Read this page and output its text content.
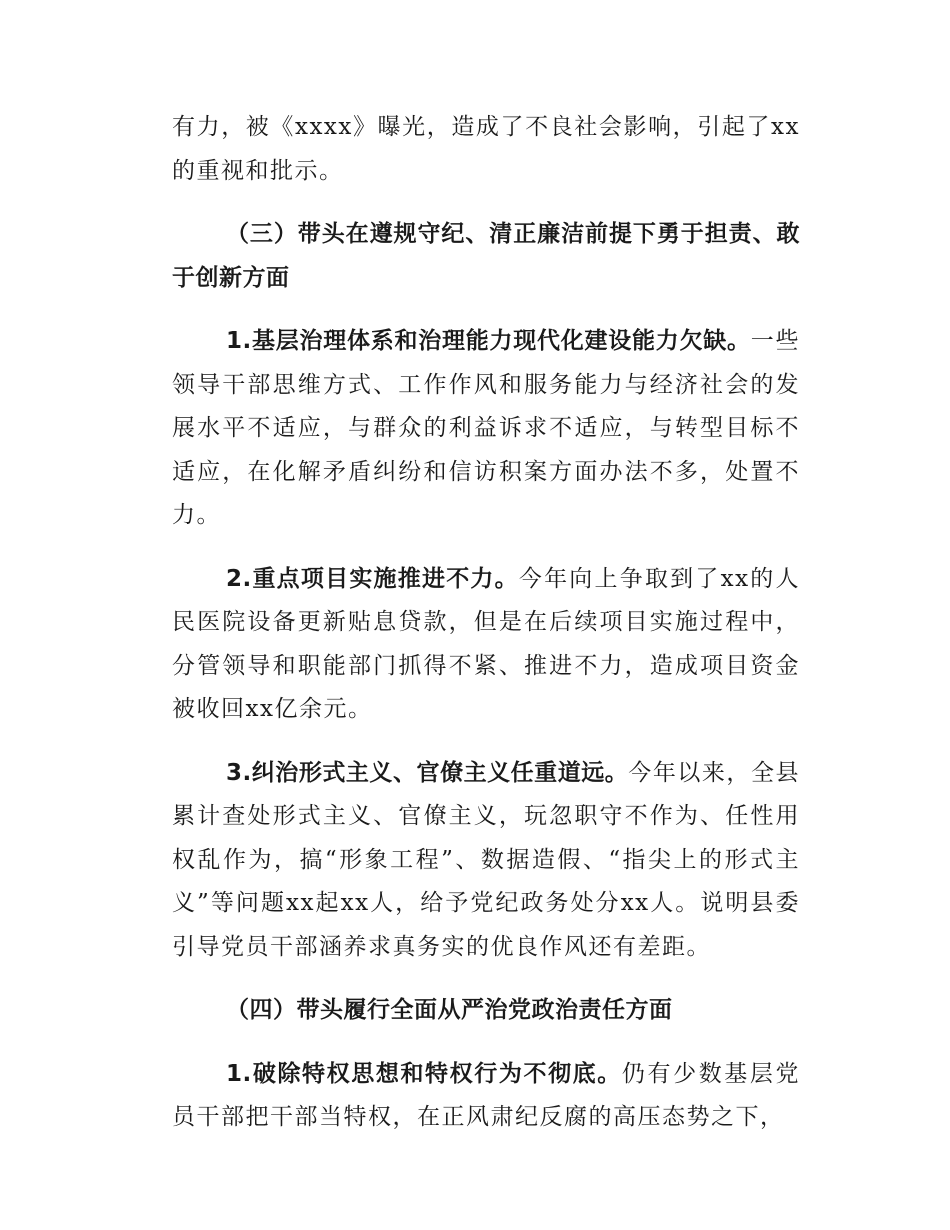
有力，被《xxxx》曝光，造成了不良社会影响，引起了xx的重视和批示。

（三）带头在遵规守纪、清正廉洁前提下勇于担责、敢于创新方面

1.基层治理体系和治理能力现代化建设能力欠缺。一些领导干部思维方式、工作作风和服务能力与经济社会的发展水平不适应，与群众的利益诉求不适应，与转型目标不适应，在化解矛盾纠纷和信访积案方面办法不多，处置不力。

2.重点项目实施推进不力。今年向上争取到了xx的人民医院设备更新贴息贷款，但是在后续项目实施过程中，分管领导和职能部门抓得不紧、推进不力，造成项目资金被收回xx亿余元。

3.纠治形式主义、官僚主义任重道远。今年以来，全县累计查处形式主义、官僚主义，玩忽职守不作为、任性用权乱作为，搞“形象工程”、数据造假、“指尖上的形式主义”等问题xx起xx人，给予党纪政务处分xx人。说明县委引导党员干部涵养求真务实的优良作风还有差距。

（四）带头履行全面从严治党政治责任方面

1.破除特权思想和特权行为不彻底。仍有少数基层党员干部把干部当特权，在正风肃纪反腐的高压态势之下，
